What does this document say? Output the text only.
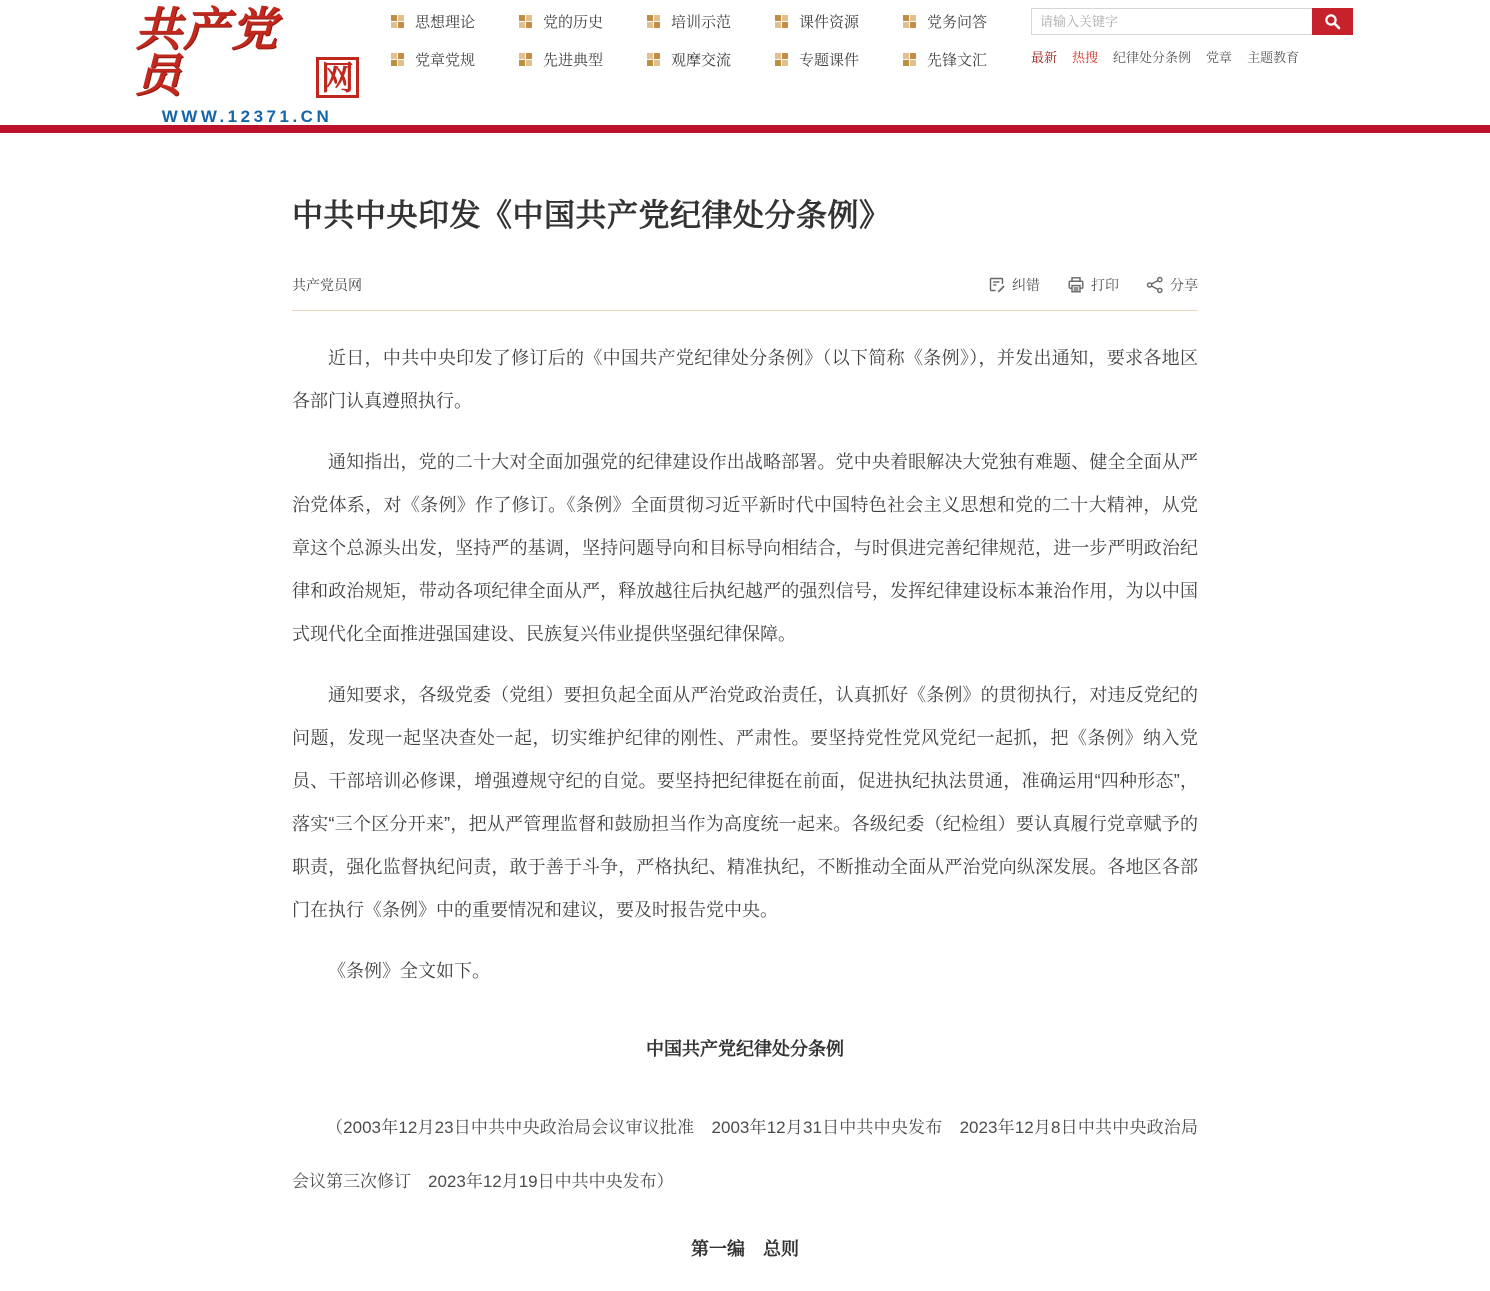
共产党员	网
WWW.12371.CN
思想理论	党的历史	培训示范	课件资源	党务问答
党章党规	先进典型	观摩交流	专题课件	先锋文汇
请输入关键字	最新 热搜 纪律处分条例 党章 主题教育
中共中央印发《中国共产党纪律处分条例》
共产党员网	纠错	打印	分享

近日，中共中央印发了修订后的《中国共产党纪律处分条例》（以下简称《条例》），并发出通知，要求各地区各部门认真遵照执行。

通知指出，党的二十大对全面加强党的纪律建设作出战略部署。党中央着眼解决大党独有难题、健全全面从严治党体系，对《条例》作了修订。《条例》全面贯彻习近平新时代中国特色社会主义思想和党的二十大精神，从党章这个总源头出发，坚持严的基调，坚持问题导向和目标导向相结合，与时俱进完善纪律规范，进一步严明政治纪律和政治规矩，带动各项纪律全面从严，释放越往后执纪越严的强烈信号，发挥纪律建设标本兼治作用，为以中国式现代化全面推进强国建设、民族复兴伟业提供坚强纪律保障。

通知要求，各级党委（党组）要担负起全面从严治党政治责任，认真抓好《条例》的贯彻执行，对违反党纪的问题，发现一起坚决查处一起，切实维护纪律的刚性、严肃性。要坚持党性党风党纪一起抓，把《条例》纳入党员、干部培训必修课，增强遵规守纪的自觉。要坚持把纪律挺在前面，促进执纪执法贯通，准确运用“四种形态”，落实“三个区分开来”，把从严管理监督和鼓励担当作为高度统一起来。各级纪委（纪检组）要认真履行党章赋予的职责，强化监督执纪问责，敢于善于斗争，严格执纪、精准执纪，不断推动全面从严治党向纵深发展。各地区各部门在执行《条例》中的重要情况和建议，要及时报告党中央。

《条例》全文如下。

中国共产党纪律处分条例

（2003年12月23日中共中央政治局会议审议批准　2003年12月31日中共中央发布　2023年12月8日中共中央政治局会议第三次修订　2023年12月19日中共中央发布）

第一编　总则
